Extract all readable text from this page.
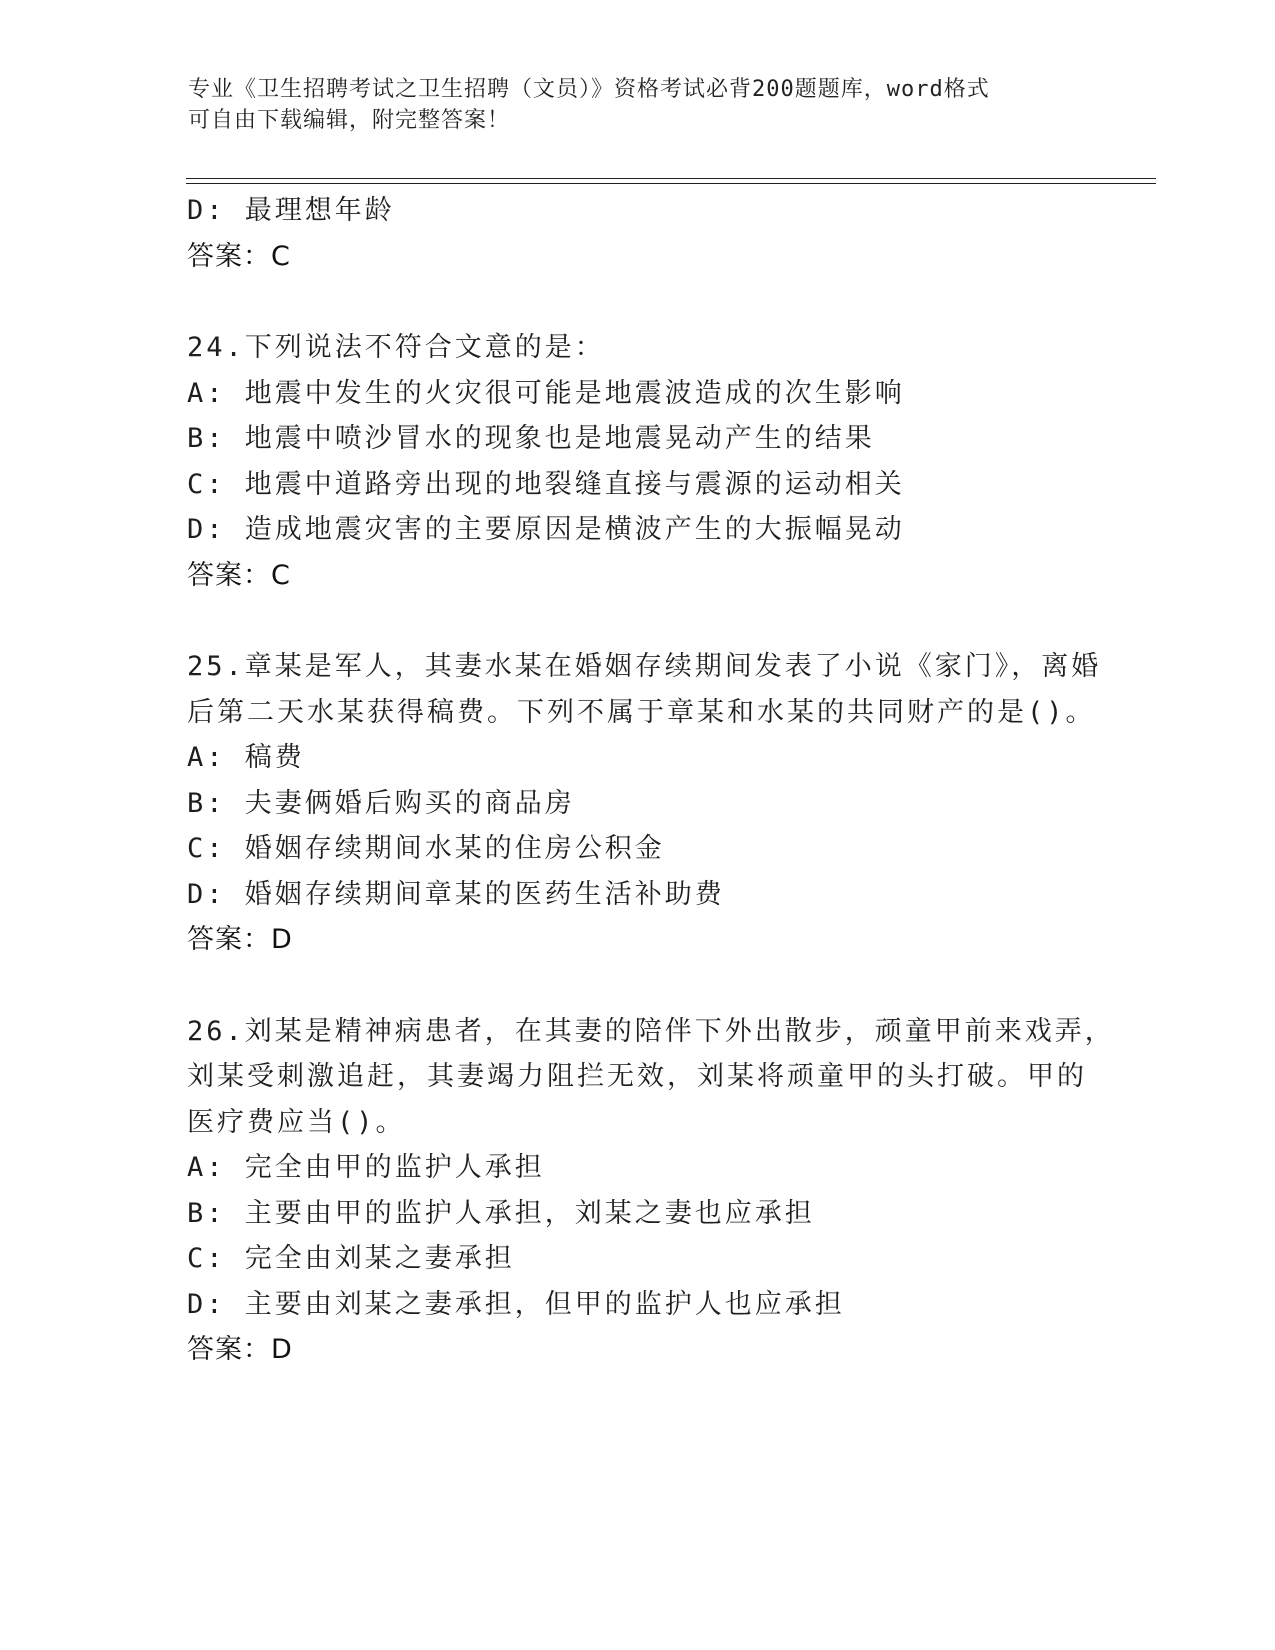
专业《卫生招聘考试之卫生招聘（文员）》资格考试必背200题题库，word格式
可自由下载编辑，附完整答案！
D: 最理想年龄
答案：C
24.下列说法不符合文意的是：
A: 地震中发生的火灾很可能是地震波造成的次生影响
B: 地震中喷沙冒水的现象也是地震晃动产生的结果
C: 地震中道路旁出现的地裂缝直接与震源的运动相关
D: 造成地震灾害的主要原因是横波产生的大振幅晃动
答案：C
25.章某是军人，其妻水某在婚姻存续期间发表了小说《家门》，离婚
后第二天水某获得稿费。下列不属于章某和水某的共同财产的是()。
A: 稿费
B: 夫妻俩婚后购买的商品房
C: 婚姻存续期间水某的住房公积金
D: 婚姻存续期间章某的医药生活补助费
答案：D
26.刘某是精神病患者，在其妻的陪伴下外出散步，顽童甲前来戏弄，
刘某受刺激追赶，其妻竭力阻拦无效，刘某将顽童甲的头打破。甲的
医疗费应当()。
A: 完全由甲的监护人承担
B: 主要由甲的监护人承担，刘某之妻也应承担
C: 完全由刘某之妻承担
D: 主要由刘某之妻承担，但甲的监护人也应承担
答案：D
